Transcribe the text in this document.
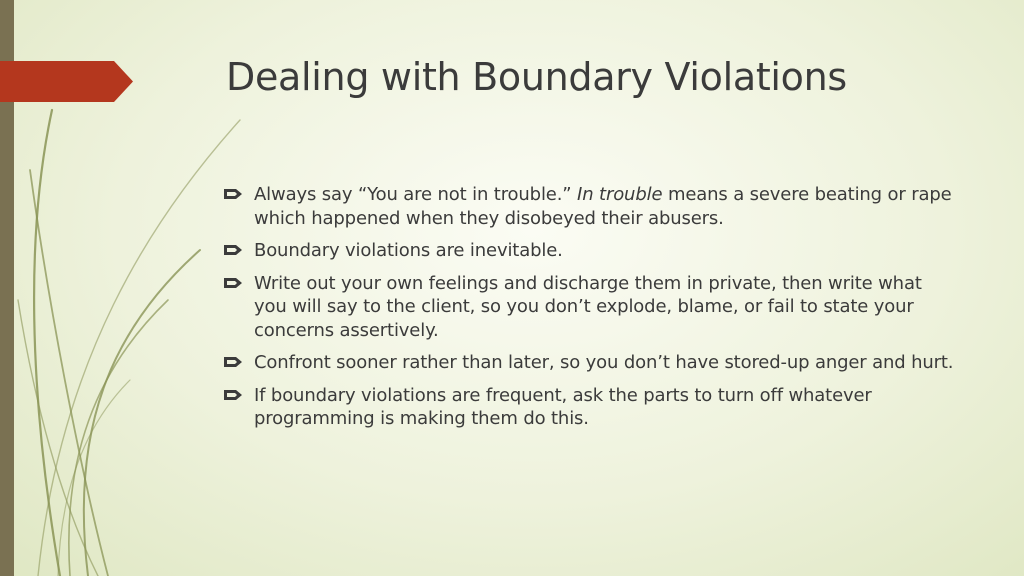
Dealing with Boundary Violations
Always say “You are not in trouble.” In trouble means a severe beating or rape which happened when they disobeyed their abusers.
Boundary violations are inevitable.
Write out your own feelings and discharge them in private, then write what you will say to the client, so you don’t explode, blame, or fail to state your concerns assertively.
Confront sooner rather than later, so you don’t have stored-up anger and hurt.
If boundary violations are frequent, ask the parts to turn off whatever programming is making them do this.
